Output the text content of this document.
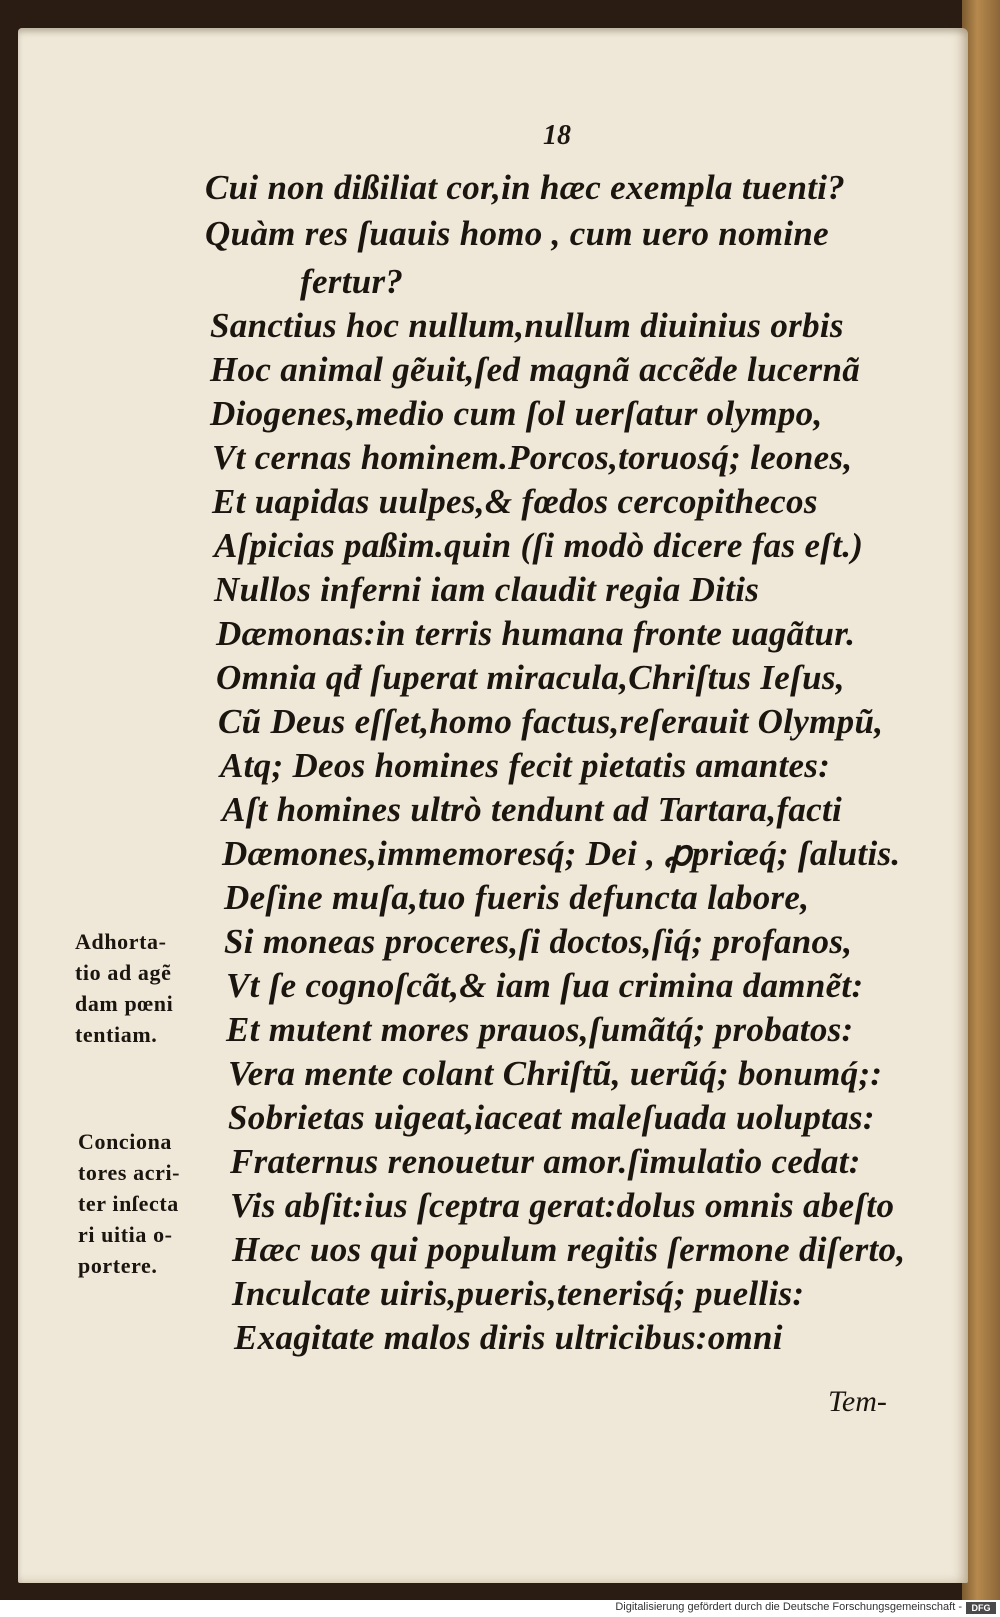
18
Cui non dißiliat cor,in hæc exempla tuenti?
Quàm res ſuauis homo , cum uero nomine
fertur?
Sanctius hoc nullum,nullum diuinius orbis
Hoc animal gẽuit,ſed magnã accẽde lucernã
Diogenes,medio cum ſol uerſatur olympo,
Vt cernas hominem.Porcos,toruosq́; leones,
Et uapidas uulpes,& fœdos cercopithecos
Aſpicias paßim.quin (ſi modò dicere fas eſt.)
Nullos inferni iam claudit regia Ditis
Dæmonas:in terris humana fronte uagãtur.
Omnia qđ ſuperat miracula,Chriſtus Ieſus,
Cũ Deus eſſet,homo factus,reſerauit Olympũ,
Atq; Deos homines fecit pietatis amantes:
Aſt homines ultrò tendunt ad Tartara,facti
Dæmones,immemoresq́; Dei , ꝓpriæq́; ſalutis.
Deſine muſa,tuo fueris defuncta labore,
Si moneas proceres,ſi doctos,ſiq́; profanos,
Vt ſe cognoſcãt,& iam ſua crimina damnẽt:
Et mutent mores prauos,ſumãtq́; probatos:
Vera mente colant Chriſtũ, uerũq́; bonumq́;:
Sobrietas uigeat,iaceat maleſuada uoluptas:
Fraternus renouetur amor.ſimulatio cedat:
Vis abſit:ius ſceptra gerat:dolus omnis abeſto
Hæc uos qui populum regitis ſermone diſerto,
Inculcate uiris,pueris,tenerisq́; puellis:
Exagitate malos diris ultricibus:omni
Adhorta-
tio ad agẽ
dam pœni
tentiam.
Conciona
tores acri-
ter inſecta
ri uitia o-
portere.
Tem-
Digitalisierung gefördert durch die Deutsche Forschungsgemeinschaft -	DFG
